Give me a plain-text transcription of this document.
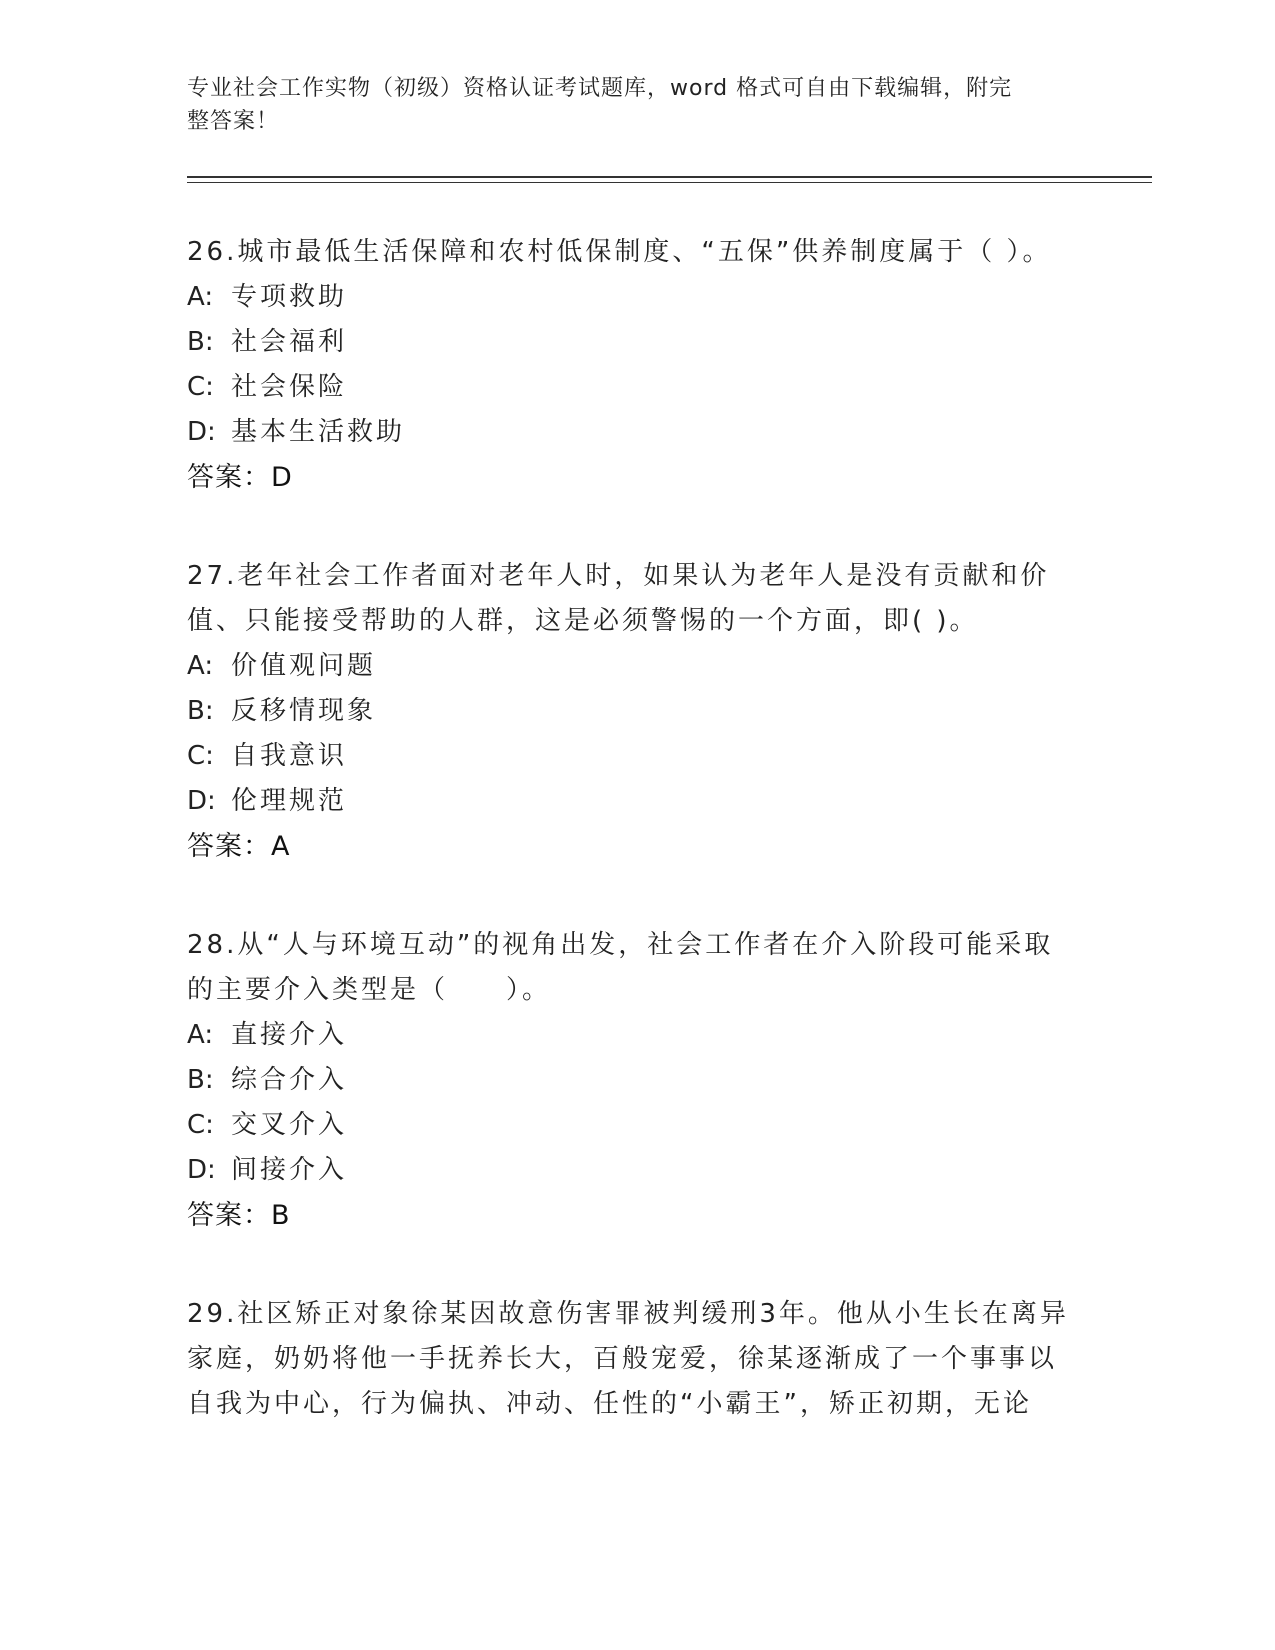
专业社会工作实物（初级）资格认证考试题库，word 格式可自由下载编辑，附完
整答案！
26.城市最低生活保障和农村低保制度、“五保”供养制度属于（ ）。
A: 专项救助
B: 社会福利
C: 社会保险
D: 基本生活救助
答案：D
27.老年社会工作者面对老年人时，如果认为老年人是没有贡献和价值、只能接受帮助的人群，这是必须警惕的一个方面，即( )。
A: 价值观问题
B: 反移情现象
C: 自我意识
D: 伦理规范
答案：A
28.从“人与环境互动”的视角出发，社会工作者在介入阶段可能采取的主要介入类型是（　　）。
A: 直接介入
B: 综合介入
C: 交叉介入
D: 间接介入
答案：B
29.社区矫正对象徐某因故意伤害罪被判缓刑3年。他从小生长在离异家庭，奶奶将他一手抚养长大，百般宠爱，徐某逐渐成了一个事事以自我为中心，行为偏执、冲动、任性的“小霸王”，矫正初期，无论
